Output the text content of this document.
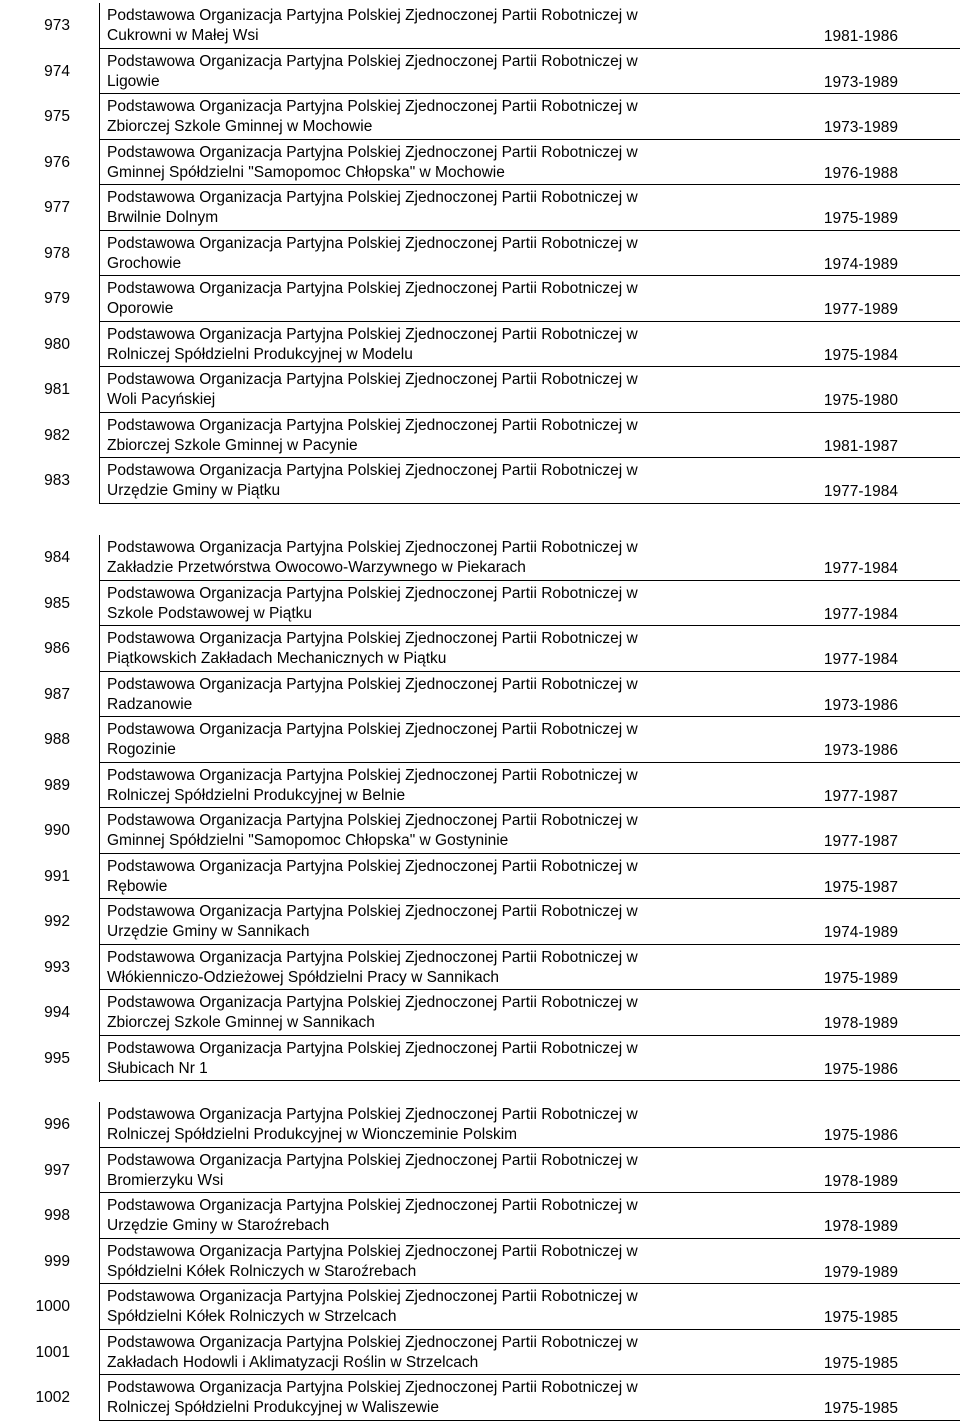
973
Podstawowa Organizacja Partyjna Polskiej Zjednoczonej Partii Robotniczej w
Cukrowni w Małej Wsi	1981-1986
974
Podstawowa Organizacja Partyjna Polskiej Zjednoczonej Partii Robotniczej w
Ligowie	1973-1989
975
Podstawowa Organizacja Partyjna Polskiej Zjednoczonej Partii Robotniczej w
Zbiorczej Szkole Gminnej w Mochowie	1973-1989
976
Podstawowa Organizacja Partyjna Polskiej Zjednoczonej Partii Robotniczej w
Gminnej Spółdzielni "Samopomoc Chłopska" w Mochowie	1976-1988
977
Podstawowa Organizacja Partyjna Polskiej Zjednoczonej Partii Robotniczej w
Brwilnie Dolnym	1975-1989
978
Podstawowa Organizacja Partyjna Polskiej Zjednoczonej Partii Robotniczej w
Grochowie	1974-1989
979
Podstawowa Organizacja Partyjna Polskiej Zjednoczonej Partii Robotniczej w
Oporowie	1977-1989
980
Podstawowa Organizacja Partyjna Polskiej Zjednoczonej Partii Robotniczej w
Rolniczej Spółdzielni Produkcyjnej w Modelu	1975-1984
981
Podstawowa Organizacja Partyjna Polskiej Zjednoczonej Partii Robotniczej w
Woli Pacyńskiej	1975-1980
982
Podstawowa Organizacja Partyjna Polskiej Zjednoczonej Partii Robotniczej w
Zbiorczej Szkole Gminnej w Pacynie	1981-1987
983
Podstawowa Organizacja Partyjna Polskiej Zjednoczonej Partii Robotniczej w
Urzędzie Gminy w Piątku	1977-1984
984
Podstawowa Organizacja Partyjna Polskiej Zjednoczonej Partii Robotniczej w
Zakładzie Przetwórstwa Owocowo-Warzywnego w Piekarach	1977-1984
985
Podstawowa Organizacja Partyjna Polskiej Zjednoczonej Partii Robotniczej w
Szkole Podstawowej w Piątku	1977-1984
986
Podstawowa Organizacja Partyjna Polskiej Zjednoczonej Partii Robotniczej w
Piątkowskich Zakładach Mechanicznych w Piątku	1977-1984
987
Podstawowa Organizacja Partyjna Polskiej Zjednoczonej Partii Robotniczej w
Radzanowie	1973-1986
988
Podstawowa Organizacja Partyjna Polskiej Zjednoczonej Partii Robotniczej w
Rogozinie	1973-1986
989
Podstawowa Organizacja Partyjna Polskiej Zjednoczonej Partii Robotniczej w
Rolniczej Spółdzielni Produkcyjnej w Belnie	1977-1987
990
Podstawowa Organizacja Partyjna Polskiej Zjednoczonej Partii Robotniczej w
Gminnej Spółdzielni "Samopomoc Chłopska" w Gostyninie	1977-1987
991
Podstawowa Organizacja Partyjna Polskiej Zjednoczonej Partii Robotniczej w
Rębowie	1975-1987
992
Podstawowa Organizacja Partyjna Polskiej Zjednoczonej Partii Robotniczej w
Urzędzie Gminy w Sannikach	1974-1989
993
Podstawowa Organizacja Partyjna Polskiej Zjednoczonej Partii Robotniczej w
Włókienniczo-Odzieżowej Spółdzielni Pracy w Sannikach	1975-1989
994
Podstawowa Organizacja Partyjna Polskiej Zjednoczonej Partii Robotniczej w
Zbiorczej Szkole Gminnej w Sannikach	1978-1989
995
Podstawowa Organizacja Partyjna Polskiej Zjednoczonej Partii Robotniczej w
Słubicach Nr 1	1975-1986
996
Podstawowa Organizacja Partyjna Polskiej Zjednoczonej Partii Robotniczej w
Rolniczej Spółdzielni Produkcyjnej w Wionczeminie Polskim	1975-1986
997
Podstawowa Organizacja Partyjna Polskiej Zjednoczonej Partii Robotniczej w
Bromierzyku Wsi	1978-1989
998
Podstawowa Organizacja Partyjna Polskiej Zjednoczonej Partii Robotniczej w
Urzędzie Gminy w Staroźrebach	1978-1989
999
Podstawowa Organizacja Partyjna Polskiej Zjednoczonej Partii Robotniczej w
Spółdzielni Kółek Rolniczych w Staroźrebach	1979-1989
1000
Podstawowa Organizacja Partyjna Polskiej Zjednoczonej Partii Robotniczej w
Spółdzielni Kółek Rolniczych w Strzelcach	1975-1985
1001
Podstawowa Organizacja Partyjna Polskiej Zjednoczonej Partii Robotniczej w
Zakładach Hodowli i Aklimatyzacji Roślin w Strzelcach	1975-1985
1002
Podstawowa Organizacja Partyjna Polskiej Zjednoczonej Partii Robotniczej w
Rolniczej Spółdzielni Produkcyjnej w Waliszewie	1975-1985
